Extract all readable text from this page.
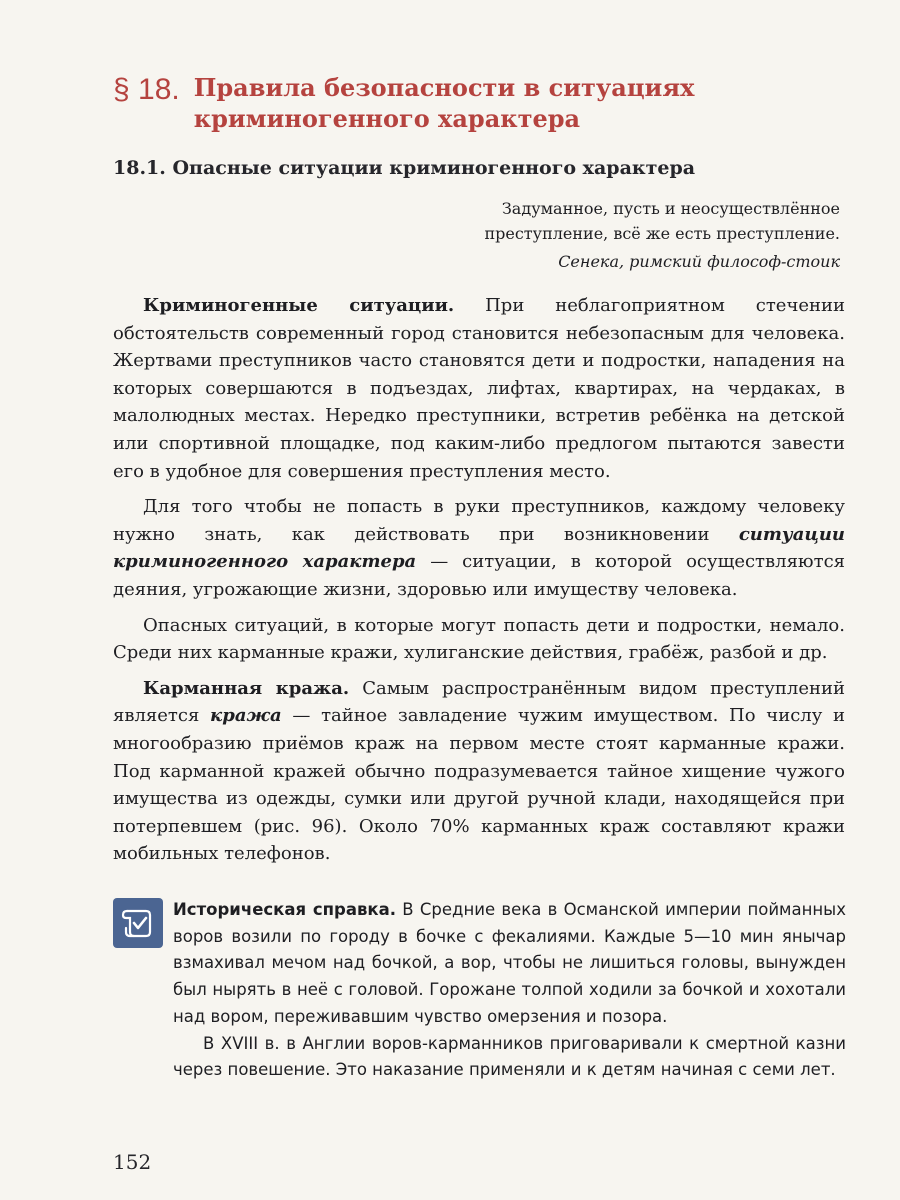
§ 18. Правила безопасности в ситуациях
криминогенного характера
18.1. Опасные ситуации криминогенного характера
Задуманное, пусть и неосуществлённое
преступление, всё же есть преступление.
Сенека, римский философ-стоик

Криминогенные ситуации. При неблагоприятном стечении обстоятельств современный город становится небезопасным для человека. Жертвами преступников часто становятся дети и подростки, нападения на которых совершаются в подъездах, лифтах, квартирах, на чердаках, в малолюдных местах. Нередко преступники, встретив ребёнка на детской или спортивной площадке, под каким-либо предлогом пытаются завести его в удобное для совершения преступления место.

Для того чтобы не попасть в руки преступников, каждому человеку нужно знать, как действовать при возникновении ситуации криминогенного характера — ситуации, в которой осуществляются деяния, угрожающие жизни, здоровью или имуществу человека.

Опасных ситуаций, в которые могут попасть дети и подростки, немало. Среди них карманные кражи, хулиганские действия, грабёж, разбой и др.

Карманная кража. Самым распространённым видом преступлений является кража — тайное завладение чужим имуществом. По числу и многообразию приёмов краж на первом месте стоят карманные кражи. Под карманной кражей обычно подразумевается тайное хищение чужого имущества из одежды, сумки или другой ручной клади, находящейся при потерпевшем (рис. 96). Около 70% карманных краж составляют кражи мобильных телефонов.

Историческая справка. В Средние века в Османской империи пойманных воров возили по городу в бочке с фекалиями. Каждые 5—10 мин янычар взмахивал мечом над бочкой, а вор, чтобы не лишиться головы, вынужден был нырять в неё с головой. Горожане толпой ходили за бочкой и хохотали над вором, переживавшим чувство омерзения и позора.

В XVIII в. в Англии воров-карманников приговаривали к смертной казни через повешение. Это наказание применяли и к детям начиная с семи лет.

152
